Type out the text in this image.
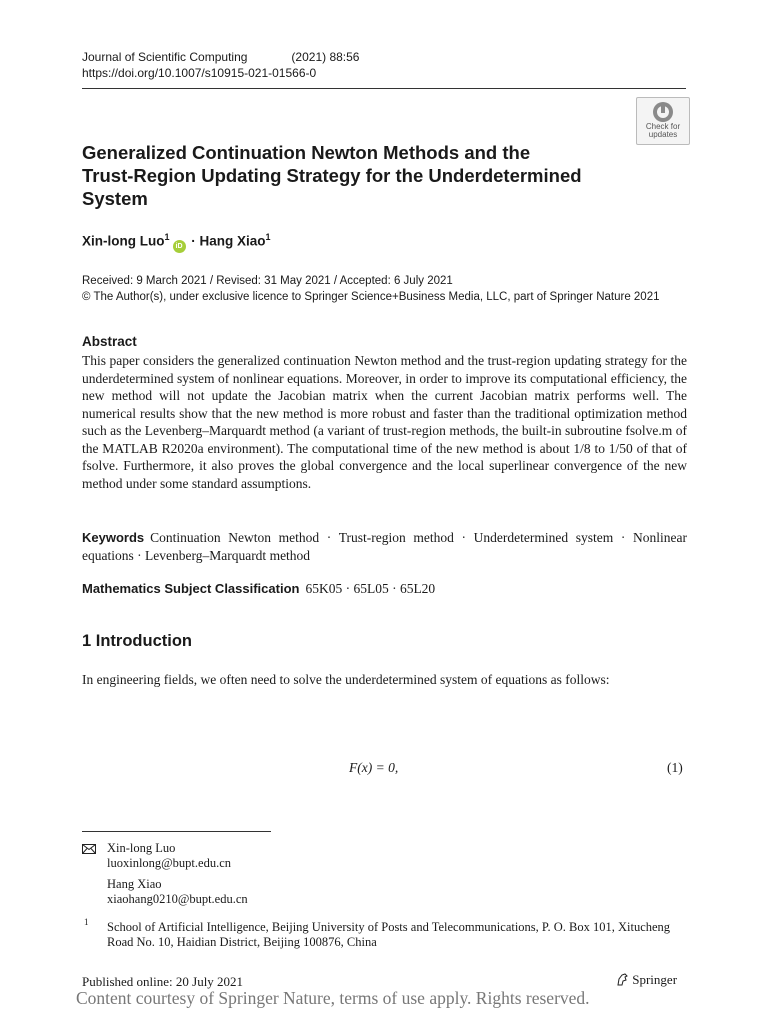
Journal of Scientific Computing	(2021) 88:56
https://doi.org/10.1007/s10915-021-01566-0
Check for
updates
Generalized Continuation Newton Methods and the
Trust-Region Updating Strategy for the Underdetermined
System
Xin-long Luo$^1$iD · Hang Xiao$^1$
Received: 9 March 2021 / Revised: 31 May 2021 / Accepted: 6 July 2021
© The Author(s), under exclusive licence to Springer Science+Business Media, LLC, part of Springer Nature 2021
Abstract
This paper considers the generalized continuation Newton method and the trust-region updating strategy for the underdetermined system of nonlinear equations. Moreover, in order to improve its computational efficiency, the new method will not update the Jacobian matrix when the current Jacobian matrix performs well. The numerical results show that the new method is more robust and faster than the traditional optimization method such as the Levenberg–Marquardt method (a variant of trust-region methods, the built-in subroutine fsolve.m of the MATLAB R2020a environment). The computational time of the new method is about 1/8 to 1/50 of that of fsolve. Furthermore, it also proves the global convergence and the local superlinear convergence of the new method under some standard assumptions.
Keywords Continuation Newton method · Trust-region method · Underdetermined system · Nonlinear equations · Levenberg–Marquardt method
Mathematics Subject Classification 65K05 · 65L05 · 65L20
1 Introduction
In engineering fields, we often need to solve the underdetermined system of equations as follows:
F(x) = 0,	(1)
Xin-long Luo
luoxinlong@bupt.edu.cn
Hang Xiao
xiaohang0210@bupt.edu.cn
1 School of Artificial Intelligence, Beijing University of Posts and Telecommunications, P. O. Box 101, Xitucheng Road No. 10, Haidian District, Beijing 100876, China
Published online: 20 July 2021	Springer
Content courtesy of Springer Nature, terms of use apply. Rights reserved.
